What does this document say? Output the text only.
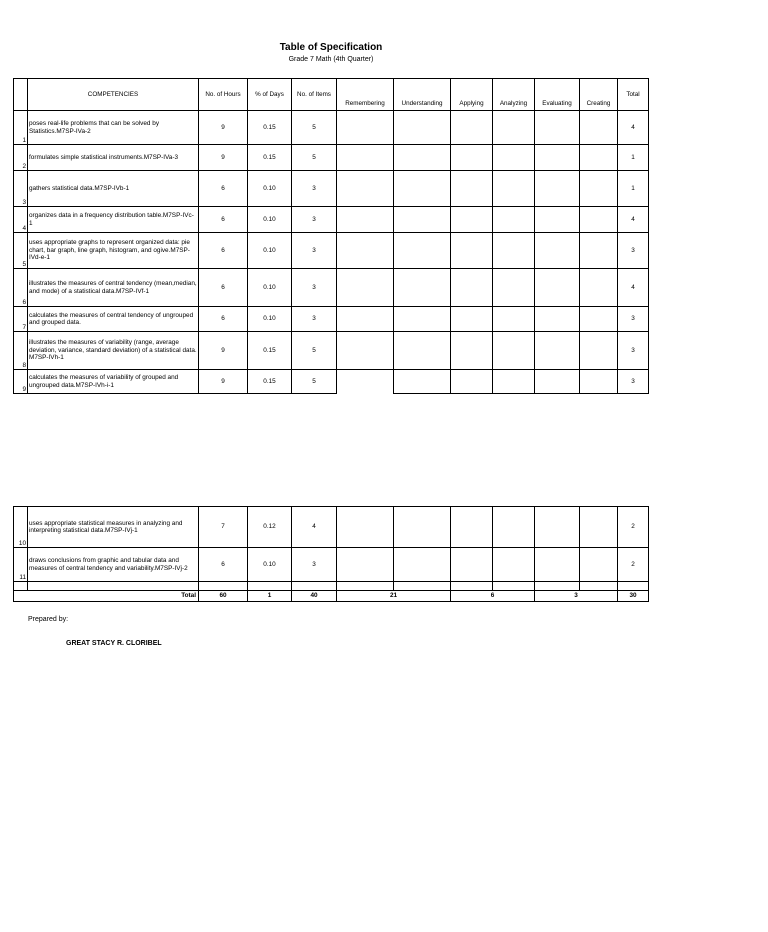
Table of Specification
Grade 7 Math (4th Quarter)
	COMPETENCIES	No. of Hours	% of Days	No. of Items	Remembering	Understanding	Applying	Analyzing	Evaluating	Creating	Total
1	poses real-life problems that can be solved by Statistics.M7SP-IVa-2	9	0.15	5							4
2	formulates simple statistical instruments.M7SP-IVa-3	9	0.15	5							1
3	gathers statistical data.M7SP-IVb-1	6	0.10	3							1
4	organizes data in a frequency distribution table.M7SP-IVc-1	6	0.10	3							4
5	uses appropriate graphs to represent organized data: pie chart, bar graph, line graph, histogram, and ogive.M7SP-IVd-e-1	6	0.10	3							3
6	illustrates the measures of central tendency (mean,median, and mode) of a statistical data.M7SP-IVf-1	6	0.10	3							4
7	calculates the measures of central tendency of ungrouped and grouped data.	6	0.10	3							3
8	illustrates the measures of variability (range, average deviation, variance, standard deviation) of a statistical data. M7SP-IVh-1	9	0.15	5							3
9	calculates the measures of variability of grouped and ungrouped data.M7SP-IVh-i-1	9	0.15	5							3
10	uses appropriate statistical measures in analyzing and interpreting statistical data.M7SP-IVj-1	7	0.12	4							2
11	draws conclusions from graphic and tabular data and measures of central tendency and variability.M7SP-IVj-2	6	0.10	3							2

	Total	60	1	40	21		6		3		30
Prepared by:
GREAT STACY R. CLORIBEL
